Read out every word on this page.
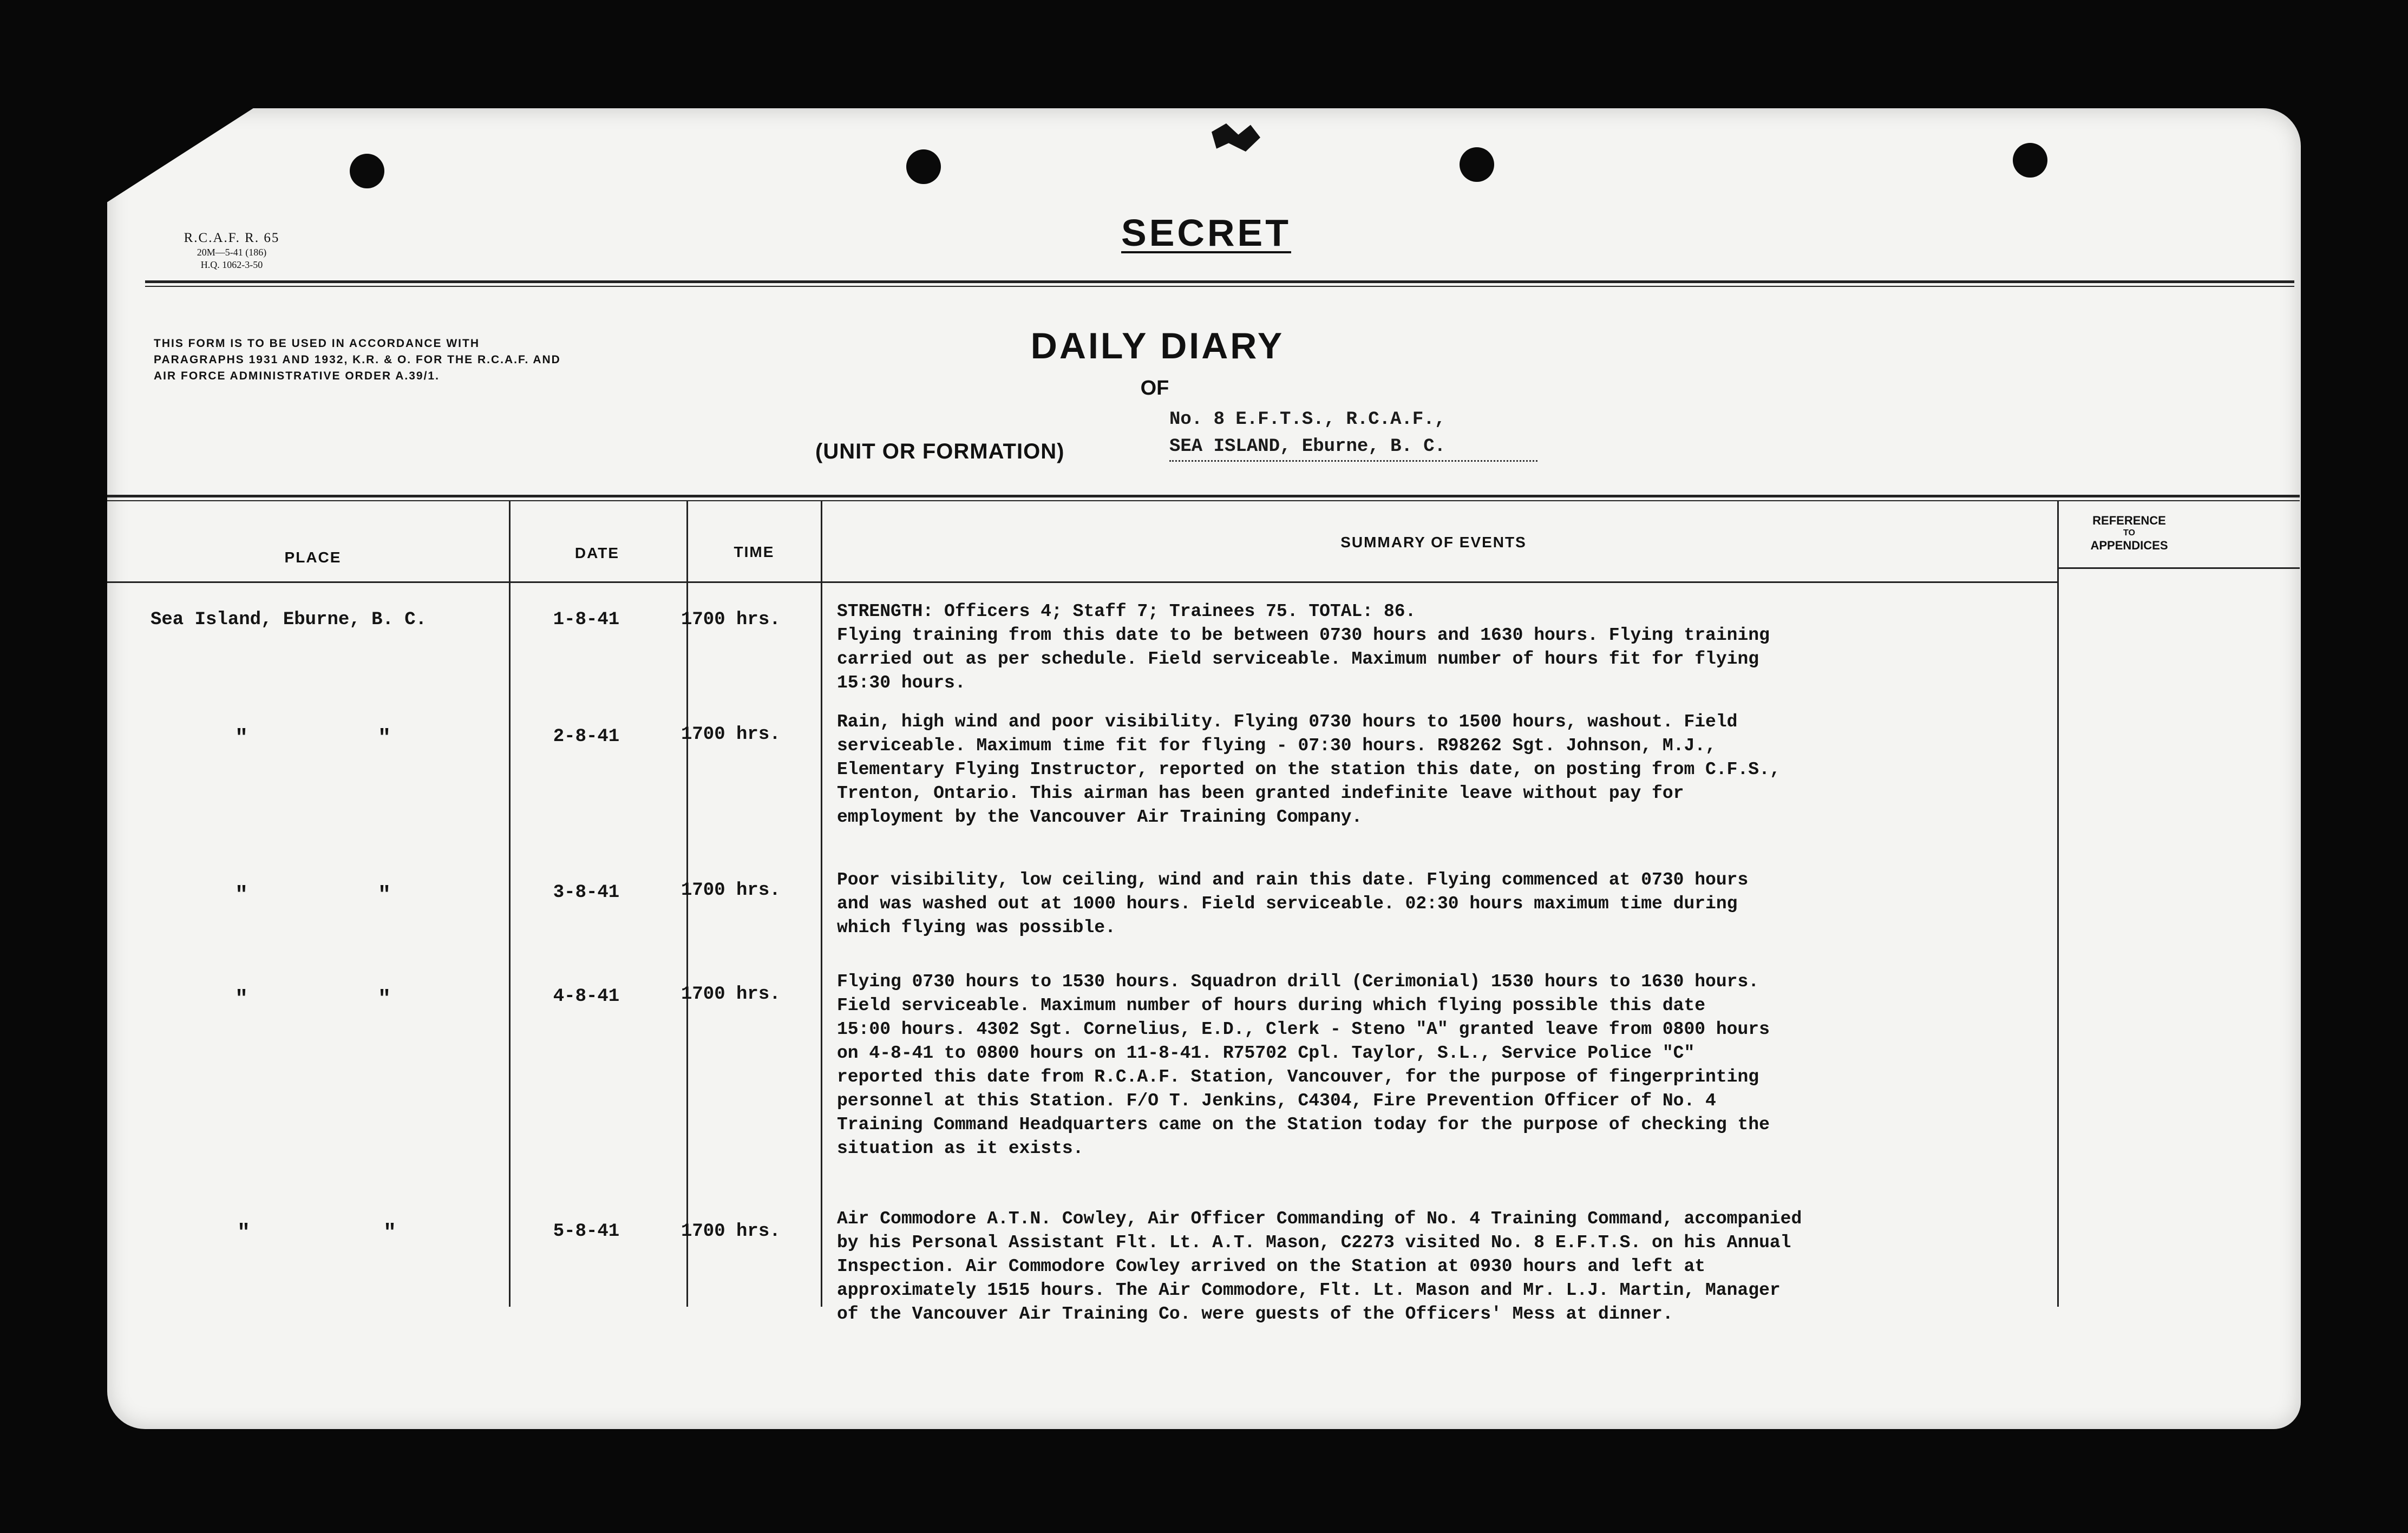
R.C.A.F. R. 65
20M—5-41 (186)
H.Q. 1062-3-50
SECRET
THIS FORM IS TO BE USED IN ACCORDANCE WITH PARAGRAPHS 1931 AND 1932, K.R. & O. FOR THE R.C.A.F. AND AIR FORCE ADMINISTRATIVE ORDER A.39/1.
DAILY DIARY
OF
(UNIT OR FORMATION)
No. 8 E.F.T.S., R.C.A.F.,
SEA ISLAND, Eburne, B. C.
PLACE	DATE	TIME
SUMMARY OF EVENTS
REFERENCE
TO
APPENDICES
Sea Island, Eburne, B. C.	1-8-41	1700 hrs.	STRENGTH: Officers 4; Staff 7; Trainees 75. TOTAL: 86.
Flying training from this date to be between 0730 hours and 1630 hours. Flying training
carried out as per schedule. Field serviceable. Maximum number of hours fit for flying
15:30 hours.
"	"	2-8-41	1700 hrs.
Rain, high wind and poor visibility. Flying 0730 hours to 1500 hours, washout. Field
serviceable. Maximum time fit for flying - 07:30 hours. R98262 Sgt. Johnson, M.J.,
Elementary Flying Instructor, reported on the station this date, on posting from C.F.S.,
Trenton, Ontario. This airman has been granted indefinite leave without pay for
employment by the Vancouver Air Training Company.
"	"	3-8-41	1700 hrs.
Poor visibility, low ceiling, wind and rain this date. Flying commenced at 0730 hours
and was washed out at 1000 hours. Field serviceable. 02:30 hours maximum time during
which flying was possible.
"	"	4-8-41	1700 hrs.
Flying 0730 hours to 1530 hours. Squadron drill (Cerimonial) 1530 hours to 1630 hours.
Field serviceable. Maximum number of hours during which flying possible this date
15:00 hours. 4302 Sgt. Cornelius, E.D., Clerk - Steno "A" granted leave from 0800 hours
on 4-8-41 to 0800 hours on 11-8-41. R75702 Cpl. Taylor, S.L., Service Police "C"
reported this date from R.C.A.F. Station, Vancouver, for the purpose of fingerprinting
personnel at this Station. F/O T. Jenkins, C4304, Fire Prevention Officer of No. 4
Training Command Headquarters came on the Station today for the purpose of checking the
situation as it exists.
"	"	5-8-41	1700 hrs.
Air Commodore A.T.N. Cowley, Air Officer Commanding of No. 4 Training Command, accompanied
by his Personal Assistant Flt. Lt. A.T. Mason, C2273 visited No. 8 E.F.T.S. on his Annual
Inspection. Air Commodore Cowley arrived on the Station at 0930 hours and left at
approximately 1515 hours. The Air Commodore, Flt. Lt. Mason and Mr. L.J. Martin, Manager
of the Vancouver Air Training Co. were guests of the Officers' Mess at dinner.
